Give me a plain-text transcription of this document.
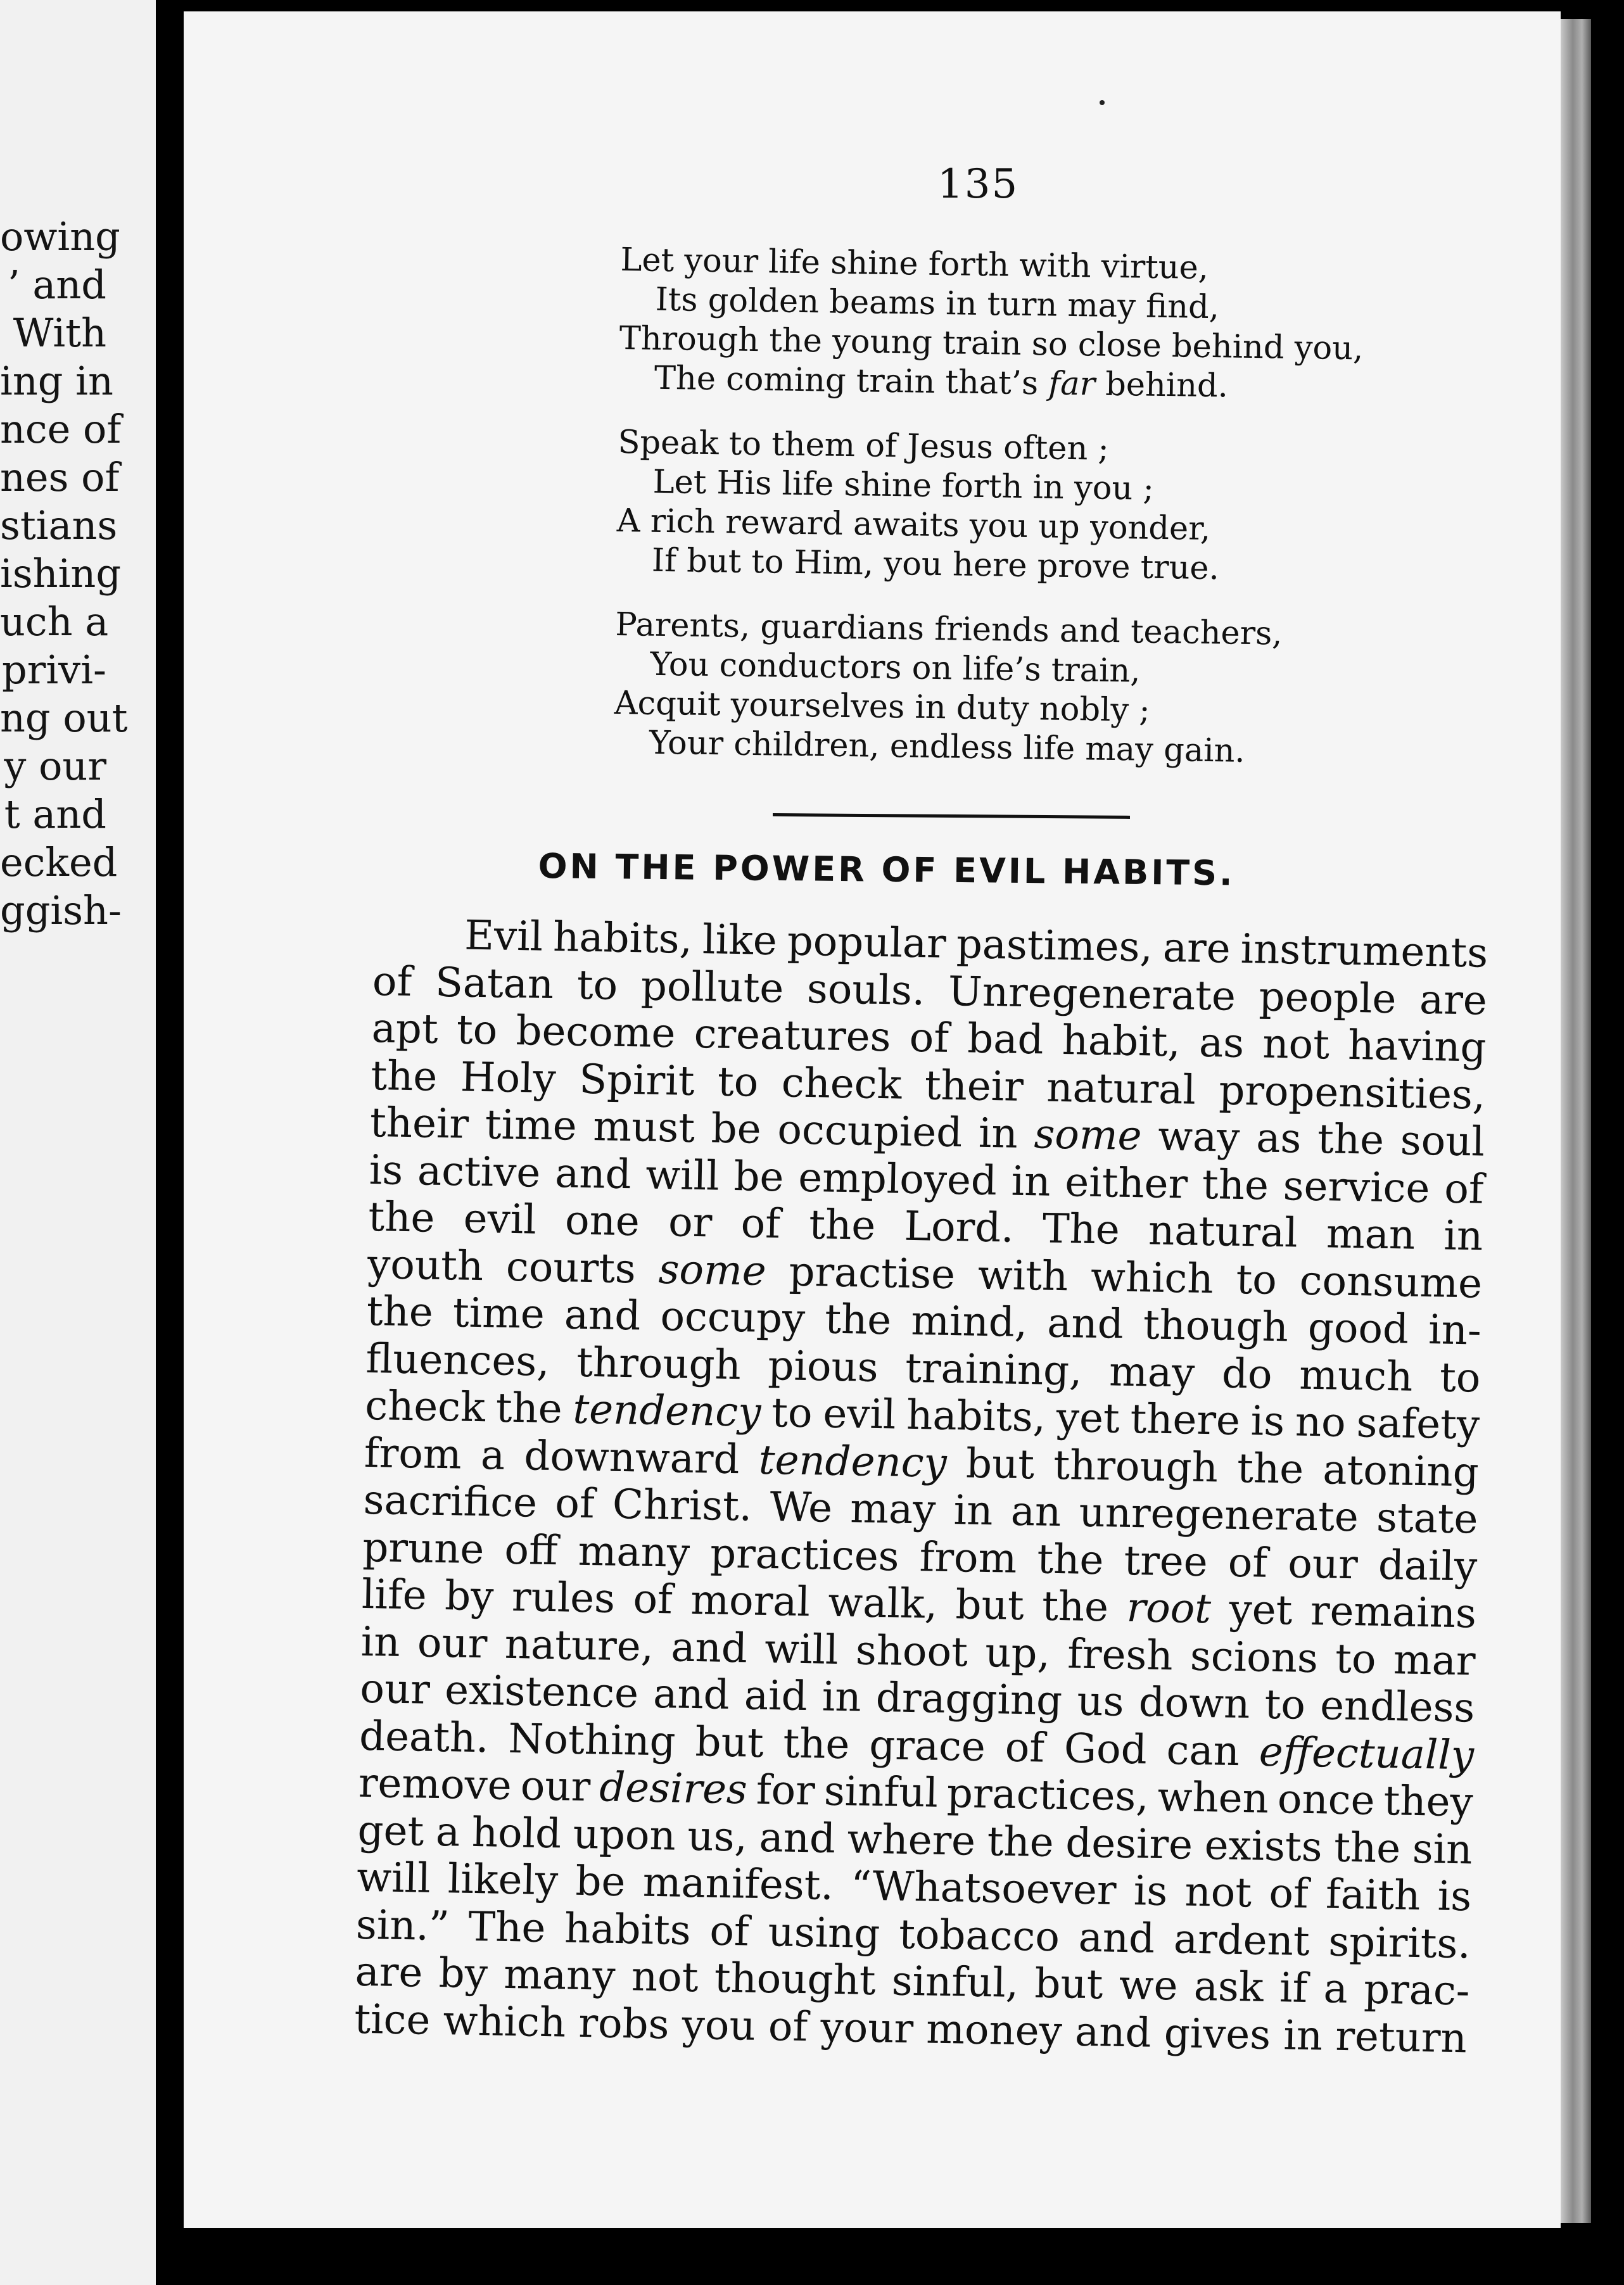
owing
’ and
With
ing in
nce of
nes of
stians
ishing
uch a
privi-
ng out
y our
t and
ecked
ggish-
135
Let your life shine forth with virtue,
Its golden beams in turn may find,
Through the young train so close behind you,
The coming train that’s far behind.
Speak to them of Jesus often ;
Let His life shine forth in you ;
A rich reward awaits you up yonder,
If but to Him, you here prove true.
Parents, guardians friends and teachers,
You conductors on life’s train,
Acquit yourselves in duty nobly ;
Your children, endless life may gain.
ON THE POWER OF EVIL HABITS.
Evil habits, like popular pastimes, are instruments
of Satan to pollute souls. Unregenerate people are
apt to become creatures of bad habit, as not having
the Holy Spirit to check their natural propensities,
their time must be occupied in some way as the soul
is active and will be employed in either the service of
the evil one or of the Lord. The natural man in
youth courts some practise with which to consume
the time and occupy the mind, and though good in-
fluences, through pious training, may do much to
check the tendency to evil habits, yet there is no safety
from a downward tendency but through the atoning
sacrifice of Christ. We may in an unregenerate state
prune off many practices from the tree of our daily
life by rules of moral walk, but the root yet remains
in our nature, and will shoot up, fresh scions to mar
our existence and aid in dragging us down to endless
death. Nothing but the grace of God can effectually
remove our desires for sinful practices, when once they
get a hold upon us, and where the desire exists the sin
will likely be manifest. “Whatsoever is not of faith is
sin.” The habits of using tobacco and ardent spirits.
are by many not thought sinful, but we ask if a prac-
tice
which
robs
you
of
your
money
and
gives
in
return
